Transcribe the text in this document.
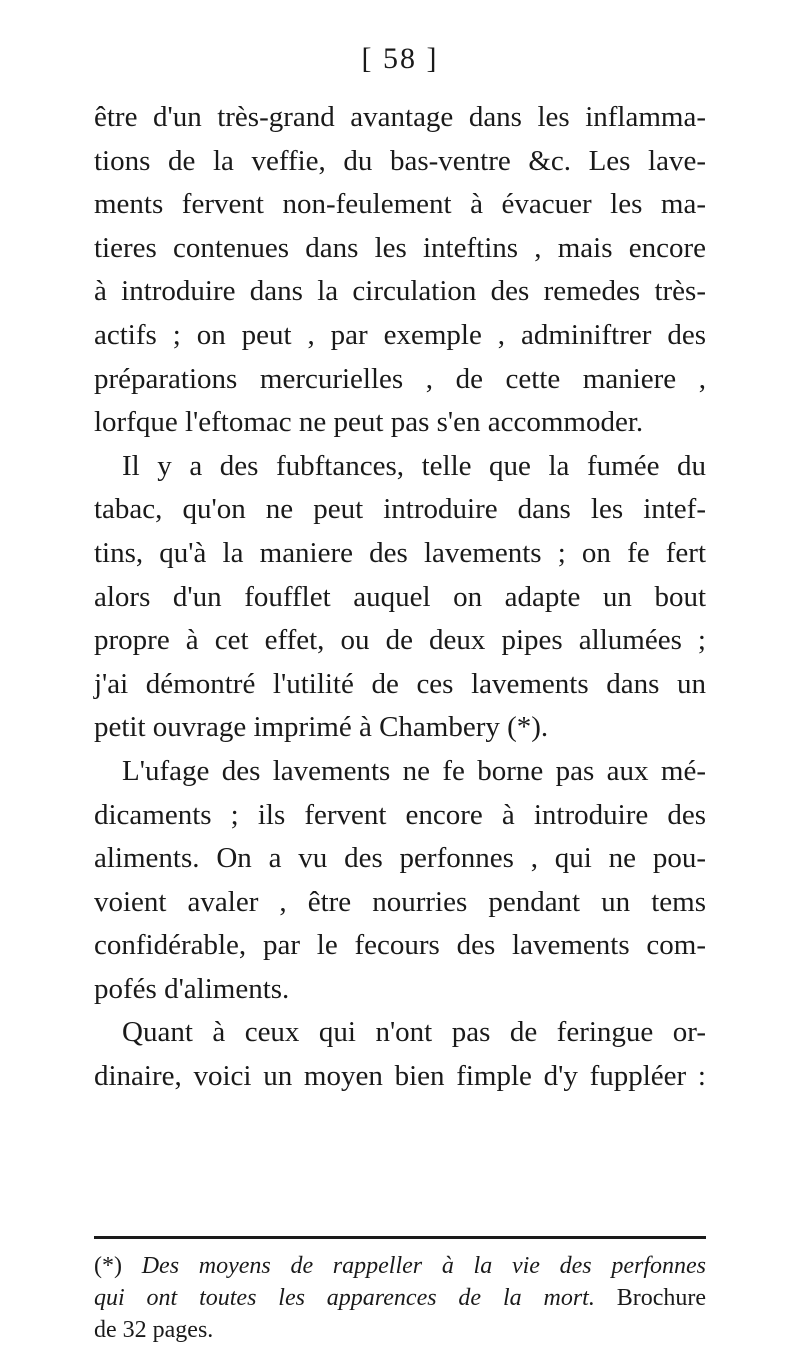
[ 58 ]
être d'un très-grand avantage dans les inflamma-
tions de la veffie, du bas-ventre &c. Les lave-
ments fervent non-feulement à évacuer les ma-
tieres contenues dans les inteftins , mais encore
à introduire dans la circulation des remedes très-
actifs ; on peut , par exemple , adminiftrer des
préparations mercurielles , de cette maniere ,
lorfque l'eftomac ne peut pas s'en accommoder.
Il y a des fubftances, telle que la fumée du
tabac, qu'on ne peut introduire dans les intef-
tins, qu'à la maniere des lavements ; on fe fert
alors d'un foufflet auquel on adapte un bout
propre à cet effet, ou de deux pipes allumées ;
j'ai démontré l'utilité de ces lavements dans un
petit ouvrage imprimé à Chambery (*).
L'ufage des lavements ne fe borne pas aux mé-
dicaments ; ils fervent encore à introduire des
aliments. On a vu des perfonnes , qui ne pou-
voient avaler , être nourries pendant un tems
confidérable, par le fecours des lavements com-
pofés d'aliments.
Quant à ceux qui n'ont pas de feringue or-
dinaire, voici un moyen bien fimple d'y fuppléer :
(*) Des moyens de rappeller à la vie des perfonnes
qui ont toutes les apparences de la mort. Brochure
de 32 pages.
